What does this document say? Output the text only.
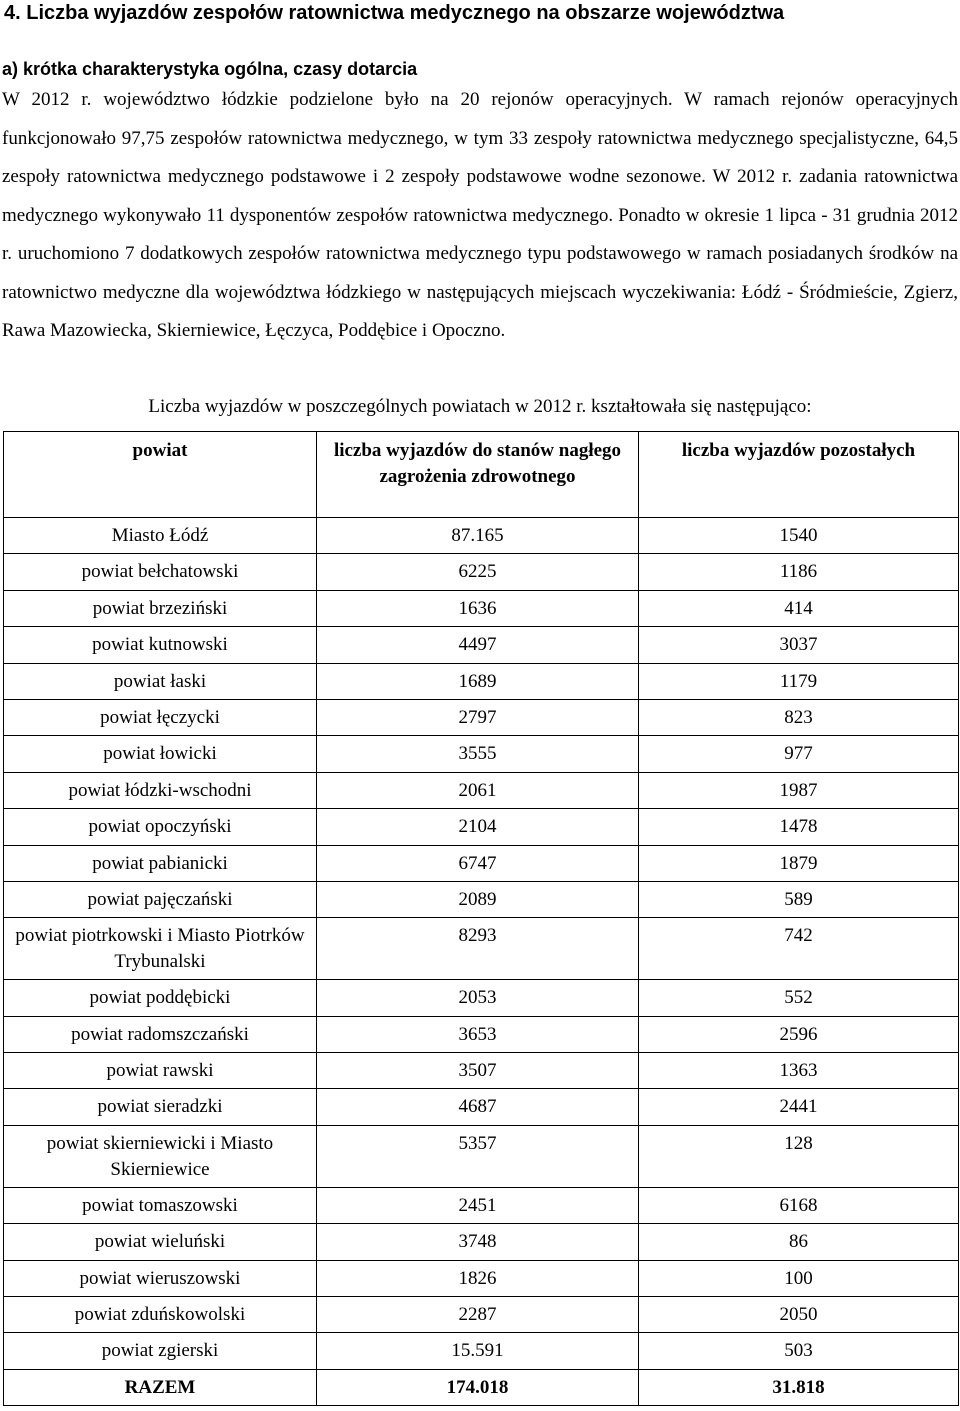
4. Liczba wyjazdów zespołów ratownictwa medycznego na obszarze województwa
a) krótka charakterystyka ogólna, czasy dotarcia
W 2012 r. województwo łódzkie podzielone było na 20 rejonów operacyjnych. W ramach rejonów operacyjnych funkcjonowało 97,75 zespołów ratownictwa medycznego, w tym 33 zespoły ratownictwa medycznego specjalistyczne, 64,5 zespoły ratownictwa medycznego podstawowe i 2 zespoły podstawowe wodne sezonowe. W 2012 r. zadania ratownictwa medycznego wykonywało 11 dysponentów zespołów ratownictwa medycznego. Ponadto w okresie 1 lipca - 31 grudnia 2012 r. uruchomiono 7 dodatkowych zespołów ratownictwa medycznego typu podstawowego w ramach posiadanych środków na ratownictwo medyczne dla województwa łódzkiego w następujących miejscach wyczekiwania: Łódź - Śródmieście, Zgierz, Rawa Mazowiecka, Skierniewice, Łęczyca, Poddębice i Opoczno.
Liczba wyjazdów w poszczególnych powiatach w 2012 r. kształtowała się następująco:
powiat	liczba wyjazdów do stanów nagłego zagrożenia zdrowotnego	liczba wyjazdów pozostałych
Miasto Łódź	87.165	1540
powiat bełchatowski	6225	1186
powiat brzeziński	1636	414
powiat kutnowski	4497	3037
powiat łaski	1689	1179
powiat łęczycki	2797	823
powiat łowicki	3555	977
powiat łódzki-wschodni	2061	1987
powiat opoczyński	2104	1478
powiat pabianicki	6747	1879
powiat pajęczański	2089	589
powiat piotrkowski i Miasto Piotrków Trybunalski	8293	742
powiat poddębicki	2053	552
powiat radomszczański	3653	2596
powiat rawski	3507	1363
powiat sieradzki	4687	2441
powiat skierniewicki i Miasto Skierniewice	5357	128
powiat tomaszowski	2451	6168
powiat wieluński	3748	86
powiat wieruszowski	1826	100
powiat zduńskowolski	2287	2050
powiat zgierski	15.591	503
RAZEM	174.018	31.818
